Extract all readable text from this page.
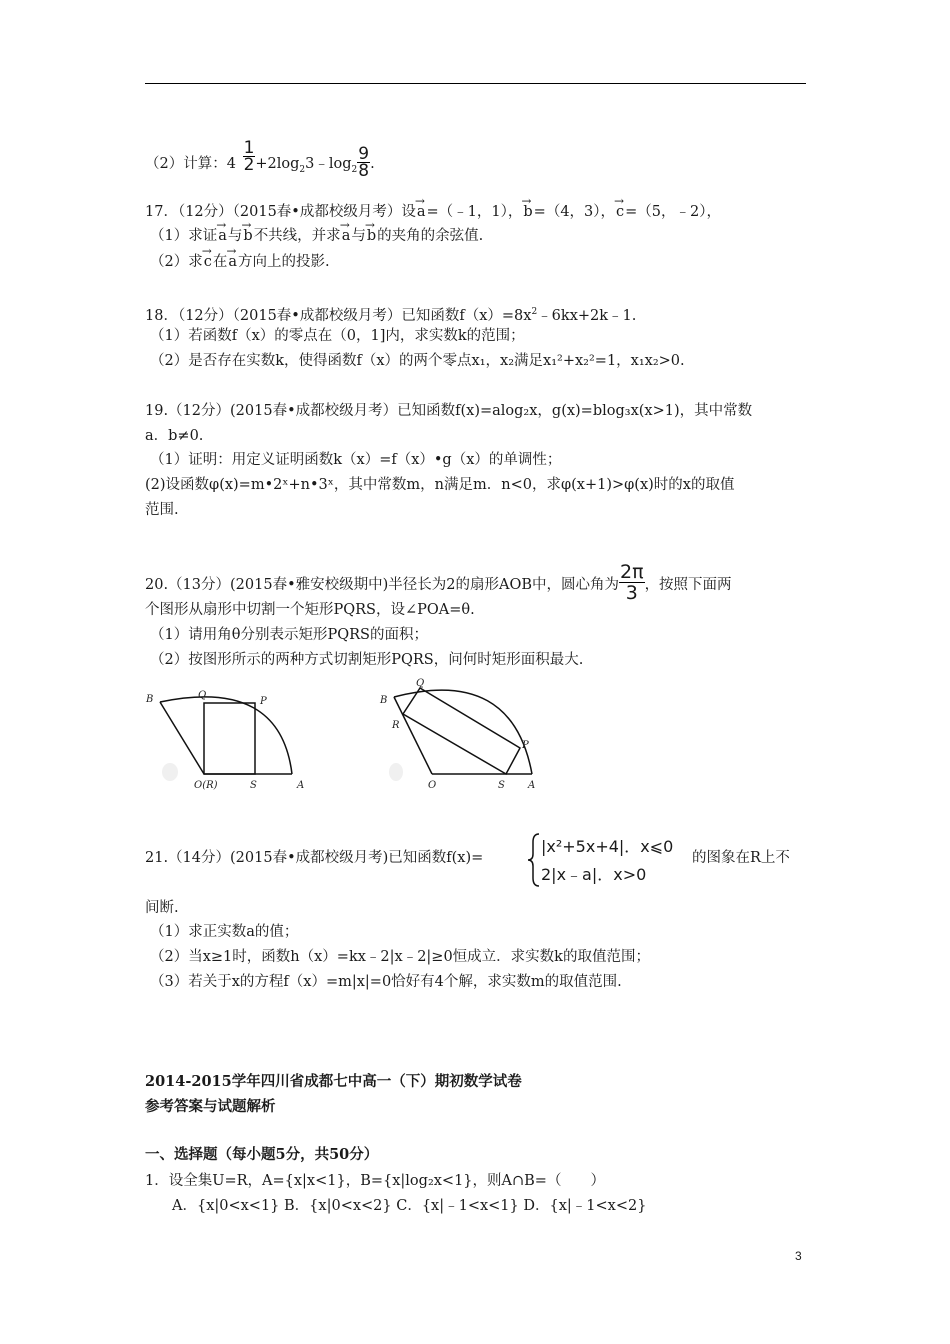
（2）计算：$4 \frac{1}{2}$ $+2\log_23﹣\log_2 \frac{9}{8}$ .
17．（12分）（2015春•成都校级月考）设→ a=（﹣1，1），→ b=（4，3），→ c=（5，﹣2），
（1）求证→ a与→ b不共线，并求→ a与→ b的夹角的余弦值.
（2）求→ c在→ a方向上的投影.
18．（12分）（2015春•成都校级月考）已知函数$f(x)=8x^2﹣6kx+2k﹣1$.
（1）若函数f（x）的零点在（0，1]内，求实数k的范围；
（2）是否存在实数k，使得函数f（x）的两个零点x₁，x₂满足x₁²+x₂²=1，x₁x₂>0.
19.（12分）(2015春•成都校级月考）已知函数f(x)=alog₂x，g(x)=blog₃x(x>1)，其中常数
a．b≠0.
（1）证明：用定义证明函数k（x）=f（x）•g（x）的单调性；
(2)设函数φ(x)=m•2ˣ+n•3ˣ，其中常数m，n满足m．n<0，求φ(x+1)>φ(x)时的x的取值
范围.
20.（13分）(2015春•雅安校级期中)半径长为2的扇形AOB中，圆心角为 $\frac{2\pi}{3}$ ，按照下面两
个图形从扇形中切割一个矩形PQRS，设∠POA=θ.
（1）请用角θ分别表示矩形PQRS的面积；
（2）按图形所示的两种方式切割矩形PQRS，问何时矩形面积最大.
B	Q
P
O(R)	S	A
Q
B
R
P
O	S A
21.（14分）(2015春•成都校级月考)已知函数f(x)=
|x²+5x+4|．x⩽0
2|x﹣a|．x>0
的图象在R上不
间断.
（1）求正实数a的值；
（2）当x≥1时，函数h（x）=kx﹣2|x﹣2|≥0恒成立．求实数k的取值范围；
（3）若关于x的方程f（x）=m|x|=0恰好有4个解，求实数m的取值范围.
2014-2015学年四川省成都七中高一（下）期初数学试卷
参考答案与试题解析
一、选择题（每小题5分，共50分）
1．设全集U=R，A={x|x<1}，B={x|log₂x<1}，则A∩B=（　　）
A．{x|0<x<1} B．{x|0<x<2} C．{x|﹣1<x<1} D．{x|﹣1<x<2}
3
